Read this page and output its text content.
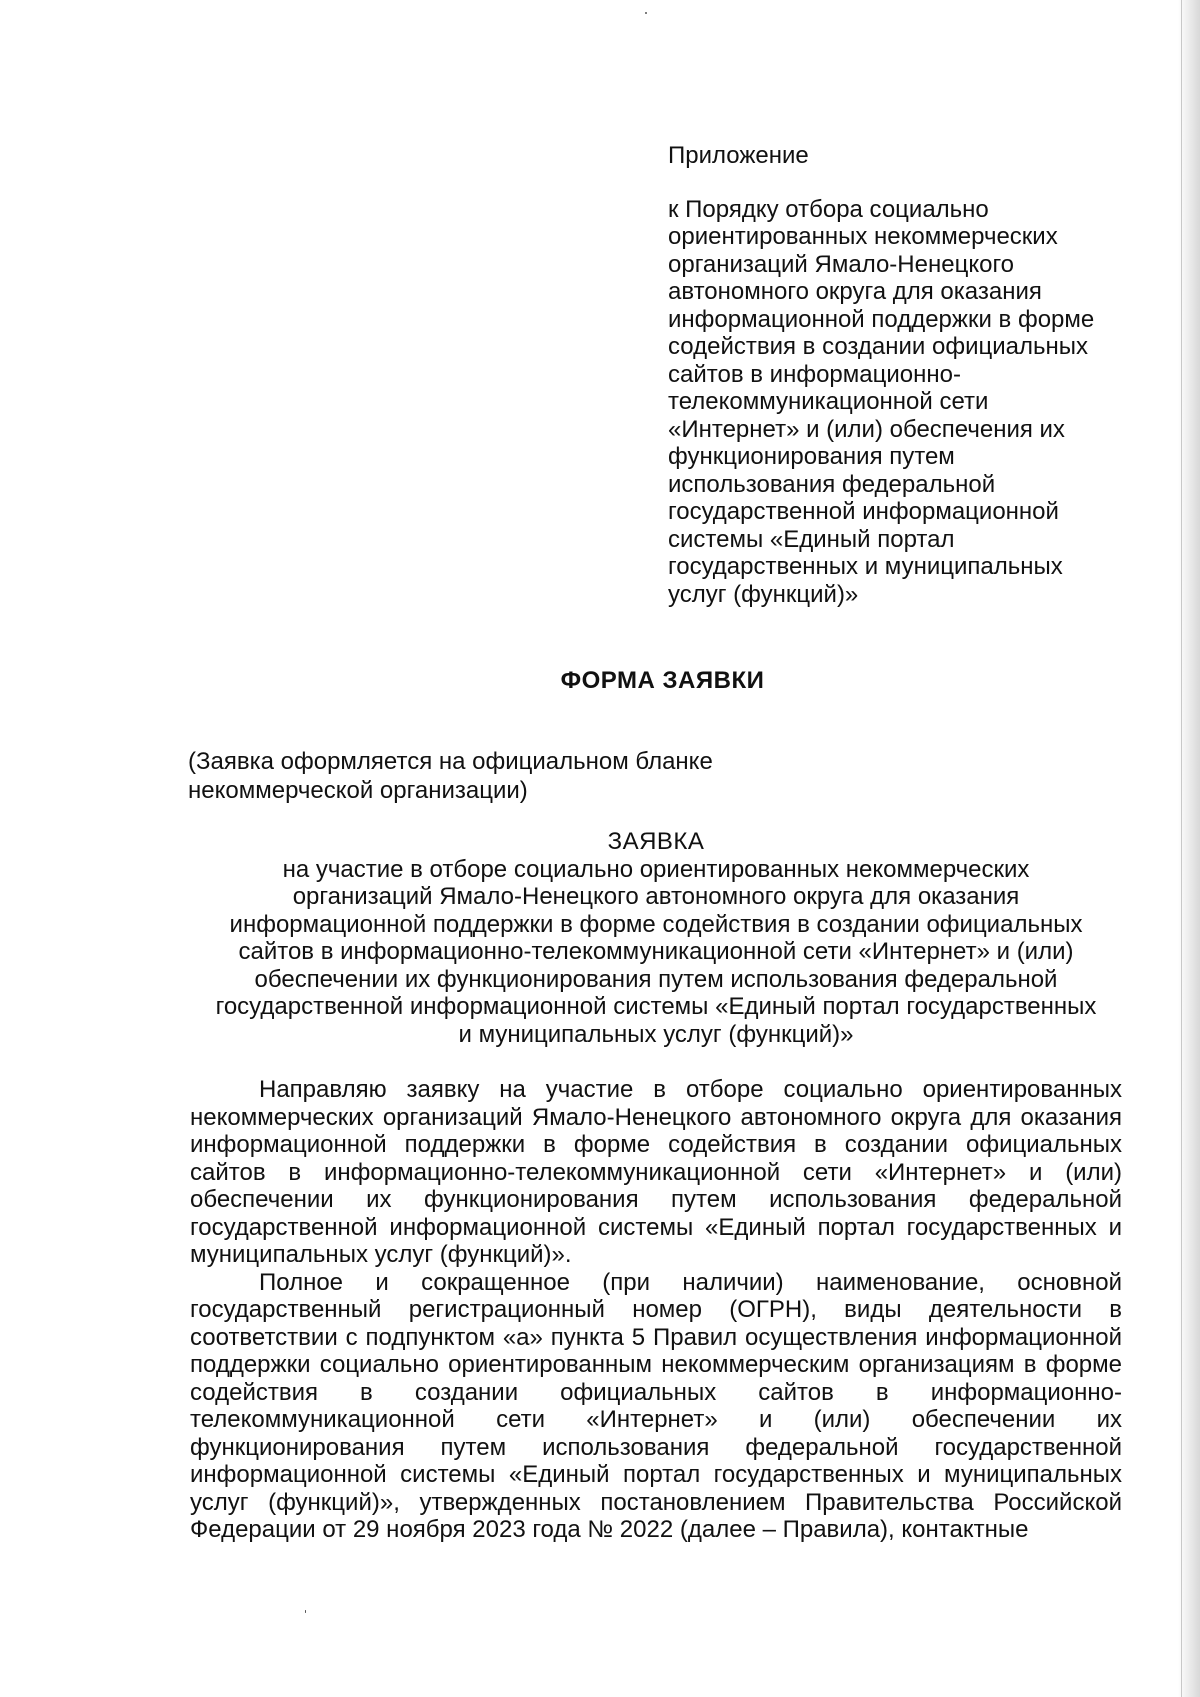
Приложение

к Порядку отбора социально
ориентированных некоммерческих
организаций Ямало-Ненецкого
автономного округа для оказания
информационной поддержки в форме
содействия в создании официальных
сайтов в информационно-
телекоммуникационной сети
«Интернет» и (или) обеспечения их
функционирования путем
использования федеральной
государственной информационной
системы «Единый портал
государственных и муниципальных
услуг (функций)»

ФОРМА ЗАЯВКИ
(Заявка оформляется на официальном бланке
некоммерческой организации)

ЗАЯВКА

на участие в отборе социально ориентированных некоммерческих
организаций Ямало-Ненецкого автономного округа для оказания
информационной поддержки в форме содействия в создании официальных
сайтов в информационно-телекоммуникационной сети «Интернет» и (или)
обеспечении их функционирования путем использования федеральной
государственной информационной системы «Единый портал государственных
и муниципальных услуг (функций)»

Направляю заявку на участие в отборе социально ориентированных некоммерческих организаций Ямало-Ненецкого автономного округа для оказания информационной поддержки в форме содействия в создании официальных сайтов в информационно-телекоммуникационной сети «Интернет» и (или) обеспечении их функционирования путем использования федеральной государственной информационной системы «Единый портал государственных и муниципальных услуг (функций)».

Полное и сокращенное (при наличии) наименование, основной государственный регистрационный номер (ОГРН), виды деятельности в соответствии с подпунктом «а» пункта 5 Правил осуществления информационной поддержки социально ориентированным некоммерческим организациям в форме содействия в создании официальных сайтов в информационно-телекоммуникационной сети «Интернет» и (или) обеспечении их функционирования путем использования федеральной государственной информационной системы «Единый портал государственных и муниципальных услуг (функций)», утвержденных постановлением Правительства Российской Федерации от 29 ноября 2023 года № 2022 (далее – Правила), контактные
